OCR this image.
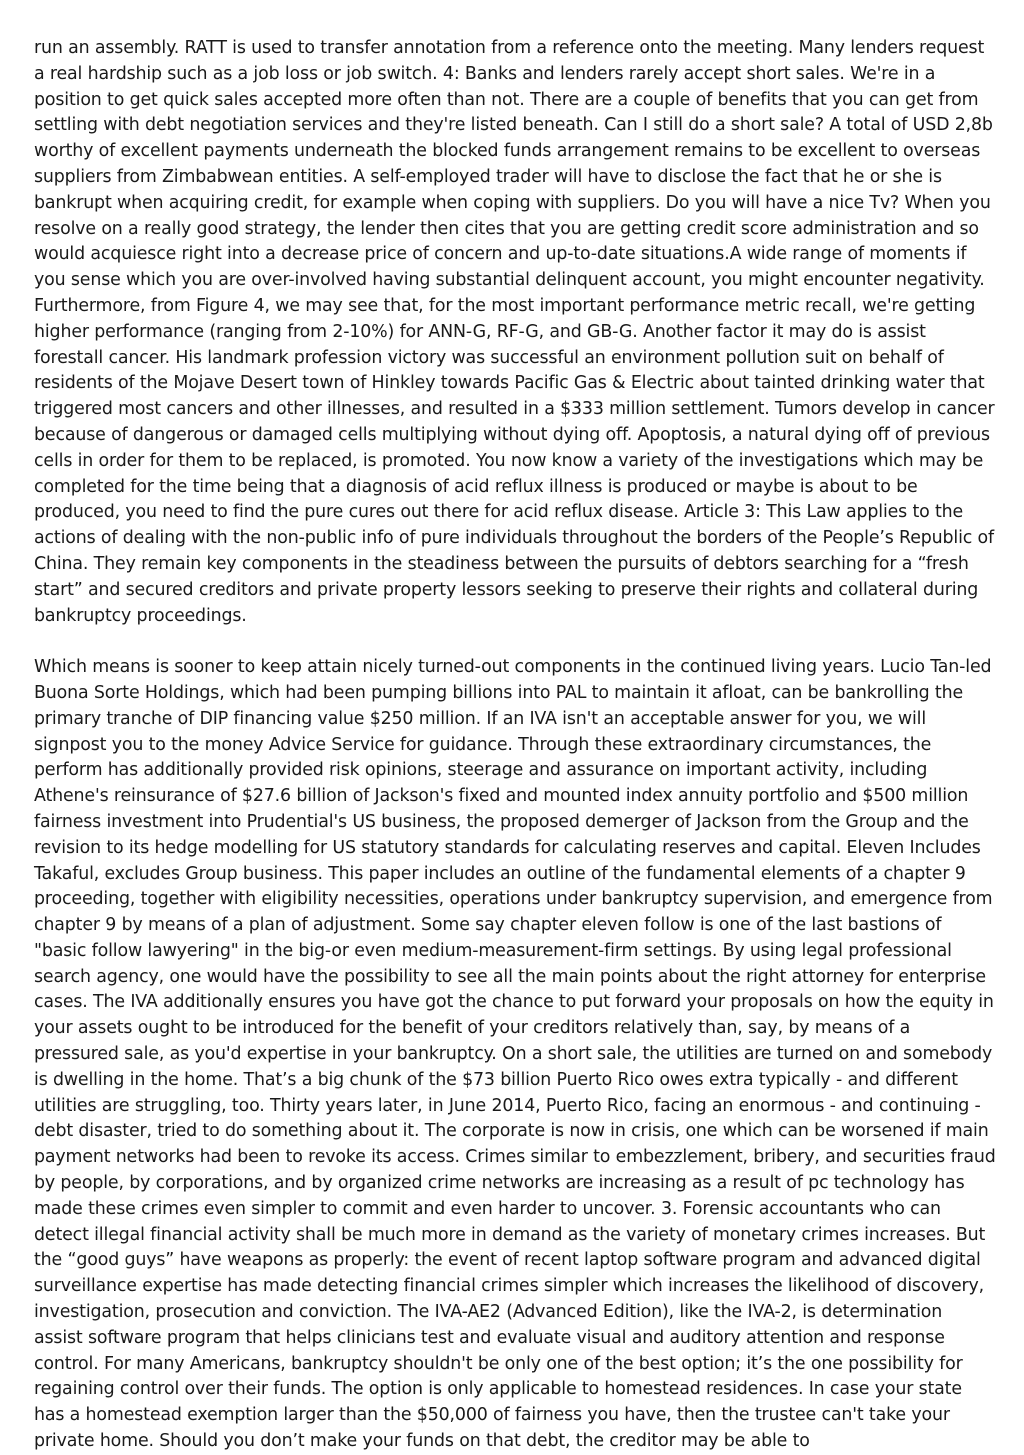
run an assembly. RATT is used to transfer annotation from a reference onto the meeting. Many lenders request a real hardship such as a job loss or job switch. 4: Banks and lenders rarely accept short sales. We're in a position to get quick sales accepted more often than not. There are a couple of benefits that you can get from settling with debt negotiation services and they're listed beneath. Can I still do a short sale? A total of USD 2,8b worthy of excellent payments underneath the blocked funds arrangement remains to be excellent to overseas suppliers from Zimbabwean entities. A self-employed trader will have to disclose the fact that he or she is bankrupt when acquiring credit, for example when coping with suppliers. Do you will have a nice Tv? When you resolve on a really good strategy, the lender then cites that you are getting credit score administration and so would acquiesce right into a decrease price of concern and up-to-date situations.A wide range of moments if you sense which you are over-involved having substantial delinquent account, you might encounter negativity. Furthermore, from Figure 4, we may see that, for the most important performance metric recall, we're getting higher performance (ranging from 2-10%) for ANN-G, RF-G, and GB-G. Another factor it may do is assist forestall cancer. His landmark profession victory was successful an environment pollution suit on behalf of residents of the Mojave Desert town of Hinkley towards Pacific Gas & Electric about tainted drinking water that triggered most cancers and other illnesses, and resulted in a $333 million settlement. Tumors develop in cancer because of dangerous or damaged cells multiplying without dying off. Apoptosis, a natural dying off of previous cells in order for them to be replaced, is promoted. You now know a variety of the investigations which may be completed for the time being that a diagnosis of acid reflux illness is produced or maybe is about to be produced, you need to find the pure cures out there for acid reflux disease. Article 3: This Law applies to the actions of dealing with the non-public info of pure individuals throughout the borders of the People’s Republic of China. They remain key components in the steadiness between the pursuits of debtors searching for a “fresh start” and secured creditors and private property lessors seeking to preserve their rights and collateral during bankruptcy proceedings.

Which means is sooner to keep attain nicely turned-out components in the continued living years. Lucio Tan-led Buona Sorte Holdings, which had been pumping billions into PAL to maintain it afloat, can be bankrolling the primary tranche of DIP financing value $250 million. If an IVA isn't an acceptable answer for you, we will signpost you to the money Advice Service for guidance. Through these extraordinary circumstances, the perform has additionally provided risk opinions, steerage and assurance on important activity, including Athene's reinsurance of $27.6 billion of Jackson's fixed and mounted index annuity portfolio and $500 million fairness investment into Prudential's US business, the proposed demerger of Jackson from the Group and the revision to its hedge modelling for US statutory standards for calculating reserves and capital. Eleven Includes Takaful, excludes Group business. This paper includes an outline of the fundamental elements of a chapter 9 proceeding, together with eligibility necessities, operations under bankruptcy supervision, and emergence from chapter 9 by means of a plan of adjustment. Some say chapter eleven follow is one of the last bastions of "basic follow lawyering" in the big-or even medium-measurement-firm settings. By using legal professional search agency, one would have the possibility to see all the main points about the right attorney for enterprise cases. The IVA additionally ensures you have got the chance to put forward your proposals on how the equity in your assets ought to be introduced for the benefit of your creditors relatively than, say, by means of a pressured sale, as you'd expertise in your bankruptcy. On a short sale, the utilities are turned on and somebody is dwelling in the home. That’s a big chunk of the $73 billion Puerto Rico owes extra typically - and different utilities are struggling, too. Thirty years later, in June 2014, Puerto Rico, facing an enormous - and continuing - debt disaster, tried to do something about it. The corporate is now in crisis, one which can be worsened if main payment networks had been to revoke its access. Crimes similar to embezzlement, bribery, and securities fraud by people, by corporations, and by organized crime networks are increasing as a result of pc technology has made these crimes even simpler to commit and even harder to uncover. 3. Forensic accountants who can detect illegal financial activity shall be much more in demand as the variety of monetary crimes increases. But the “good guys” have weapons as properly: the event of recent laptop software program and advanced digital surveillance expertise has made detecting financial crimes simpler which increases the likelihood of discovery, investigation, prosecution and conviction. The IVA-AE2 (Advanced Edition), like the IVA-2, is determination assist software program that helps clinicians test and evaluate visual and auditory attention and response control. For many Americans, bankruptcy shouldn't be only one of the best option; it’s the one possibility for regaining control over their funds. The option is only applicable to homestead residences. In case your state has a homestead exemption larger than the $50,000 of fairness you have, then the trustee can't take your private home. Should you don’t make your funds on that debt, the creditor may be able to
